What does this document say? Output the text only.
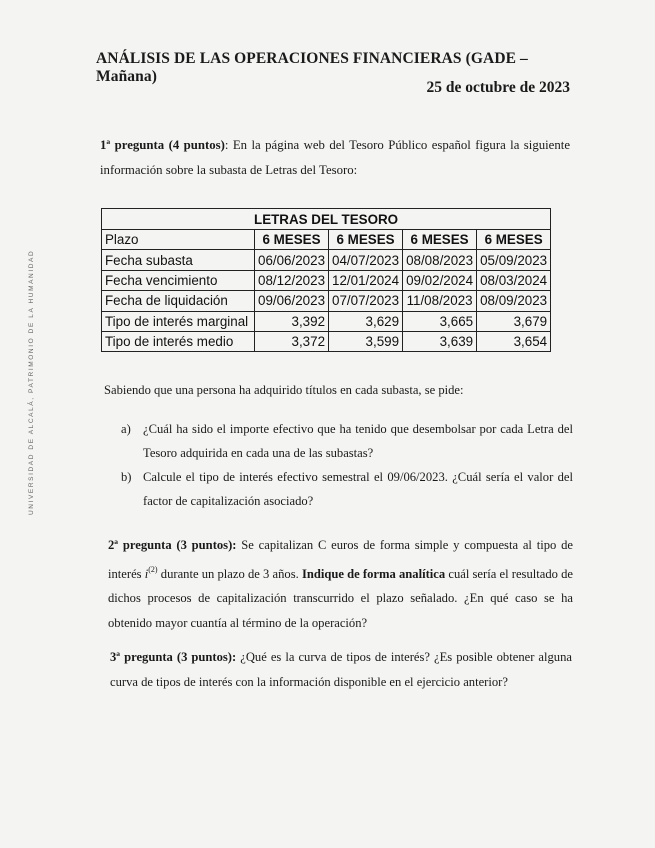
UNIVERSIDAD DE ALCALÁ, PATRIMONIO DE LA HUMANIDAD
ANÁLISIS DE LAS OPERACIONES FINANCIERAS (GADE – Mañana)
25 de octubre de 2023
1ª pregunta (4 puntos): En la página web del Tesoro Público español figura la siguiente información sobre la subasta de Letras del Tesoro:
LETRAS DEL TESORO				
Plazo	6 MESES	6 MESES	6 MESES	6 MESES
Fecha subasta	06/06/2023	04/07/2023	08/08/2023	05/09/2023
Fecha vencimiento	08/12/2023	12/01/2024	09/02/2024	08/03/2024
Fecha de liquidación	09/06/2023	07/07/2023	11/08/2023	08/09/2023
Tipo de interés marginal	3,392	3,629	3,665	3,679
Tipo de interés medio	3,372	3,599	3,639	3,654
Sabiendo que una persona ha adquirido títulos en cada subasta, se pide:
a) ¿Cuál ha sido el importe efectivo que ha tenido que desembolsar por cada Letra del Tesoro adquirida en cada una de las subastas?
b) Calcule el tipo de interés efectivo semestral el 09/06/2023. ¿Cuál sería el valor del factor de capitalización asociado?
2ª pregunta (3 puntos): Se capitalizan C euros de forma simple y compuesta al tipo de interés $i^{(2)}$ durante un plazo de 3 años. Indique de forma analítica cuál sería el resultado de dichos procesos de capitalización transcurrido el plazo señalado. ¿En qué caso se ha obtenido mayor cuantía al término de la operación?
3ª pregunta (3 puntos): ¿Qué es la curva de tipos de interés? ¿Es posible obtener alguna curva de tipos de interés con la información disponible en el ejercicio anterior?
